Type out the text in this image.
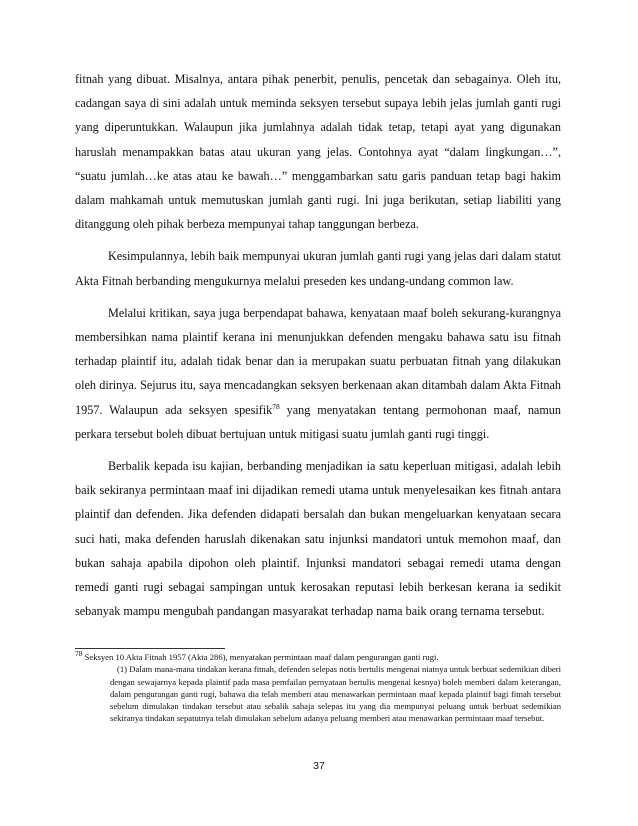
fitnah yang dibuat. Misalnya, antara pihak penerbit, penulis, pencetak dan sebagainya. Oleh itu, cadangan saya di sini adalah untuk meminda seksyen tersebut supaya lebih jelas jumlah ganti rugi yang diperuntukkan. Walaupun jika jumlahnya adalah tidak tetap, tetapi ayat yang digunakan haruslah menampakkan batas atau ukuran yang jelas. Contohnya ayat “dalam lingkungan…”, “suatu jumlah…ke atas atau ke bawah…” menggambarkan satu garis panduan tetap bagi hakim dalam mahkamah untuk memutuskan jumlah ganti rugi. Ini juga berikutan, setiap liabiliti yang ditanggung oleh pihak berbeza mempunyai tahap tanggungan berbeza.

Kesimpulannya, lebih baik mempunyai ukuran jumlah ganti rugi yang jelas dari dalam statut Akta Fitnah berbanding mengukurnya melalui preseden kes undang-undang common law.

Melalui kritikan, saya juga berpendapat bahawa, kenyataan maaf boleh sekurang-kurangnya membersihkan nama plaintif kerana ini menunjukkan defenden mengaku bahawa satu isu fitnah terhadap plaintif itu, adalah tidak benar dan ia merupakan suatu perbuatan fitnah yang dilakukan oleh dirinya. Sejurus itu, saya mencadangkan seksyen berkenaan akan ditambah dalam Akta Fitnah 1957. Walaupun ada seksyen spesifik$^{78}$ yang menyatakan tentang permohonan maaf, namun perkara tersebut boleh dibuat bertujuan untuk mitigasi suatu jumlah ganti rugi tinggi.

Berbalik kepada isu kajian, berbanding menjadikan ia satu keperluan mitigasi, adalah lebih baik sekiranya permintaan maaf ini dijadikan remedi utama untuk menyelesaikan kes fitnah antara plaintif dan defenden. Jika defenden didapati bersalah dan bukan mengeluarkan kenyataan secara suci hati, maka defenden haruslah dikenakan satu injunksi mandatori untuk memohon maaf, dan bukan sahaja apabila dipohon oleh plaintif. Injunksi mandatori sebagai remedi utama dengan remedi ganti rugi sebagai sampingan untuk kerosakan reputasi lebih berkesan kerana ia sedikit sebanyak mampu mengubah pandangan masyarakat terhadap nama baik orang ternama tersebut.

78 Seksyen 10 Akta Fitnah 1957 (Akta 286), menyatakan permintaan maaf dalam pengurangan ganti rugi.

(1) Dalam mana-mana tindakan kerana fitnah, defenden selepas notis bertulis mengenai niatnya untuk berbuat sedemikian diberi dengan sewajarnya kepada plaintif pada masa pemfailan pernyataan bertulis mengenai kesnya) boleh memberi dalam keterangan, dalam pengurangan ganti rugi, bahawa dia telah memberi atau menawarkan permintaan maaf kepada plaintif bagi fitnah tersebut sebelum dimulakan tindakan tersebut atau sebalik sahaja selepas itu yang dia mempunyai peluang untuk berbuat sedemikian sekiranya tindakan sepatutnya telah dimulakan sebelum adanya peluang memberi atau menawarkan permintaan maaf tersebut.

37
